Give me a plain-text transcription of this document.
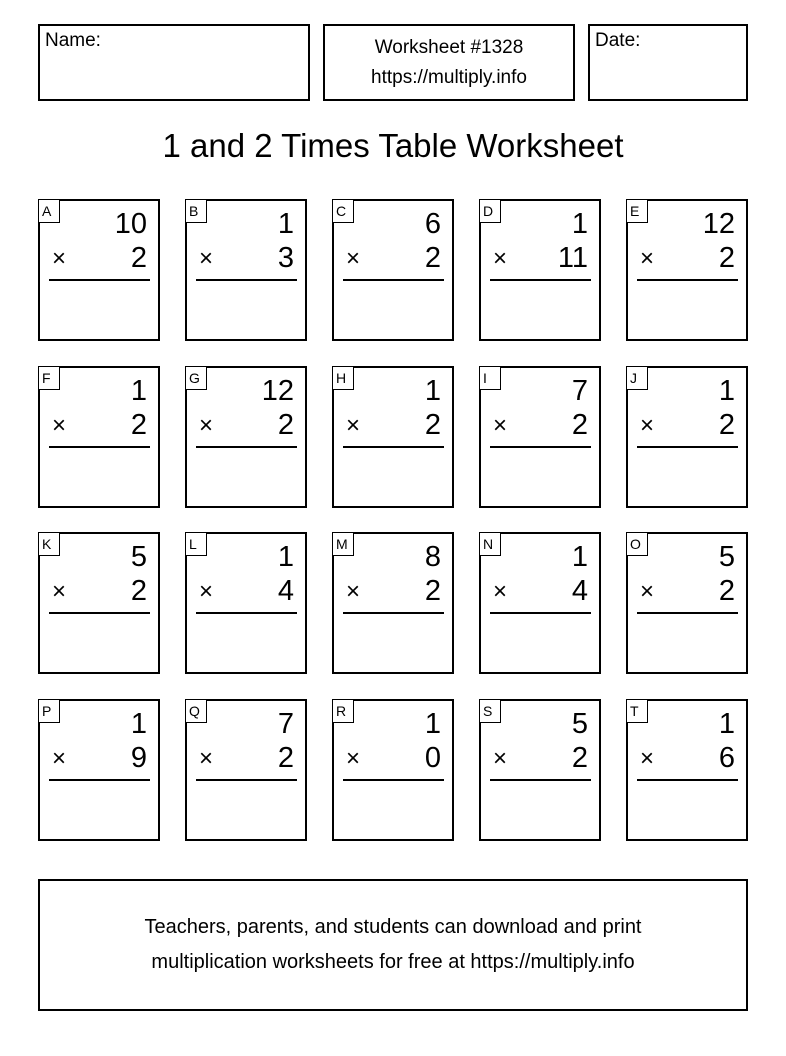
Name:	Worksheet #1328
https://multiply.info
Date:
1 and 2 Times Table Worksheet
A 10
× 2
B	1
× 3
C	6
× 2
D	1
× 11
E 12
× 2
F	1
× 2
G 12
× 2
H	1
× 2
I	7
× 2
J	1
× 2
K	5
× 2
L	1
× 4
M	8
× 2
N	1
× 4
O	5
× 2
P	1
× 9
Q	7
× 2
R	1
× 0
S	5
× 2
T	1
× 6
Teachers, parents, and students can download and print
multiplication worksheets for free at https://multiply.info
